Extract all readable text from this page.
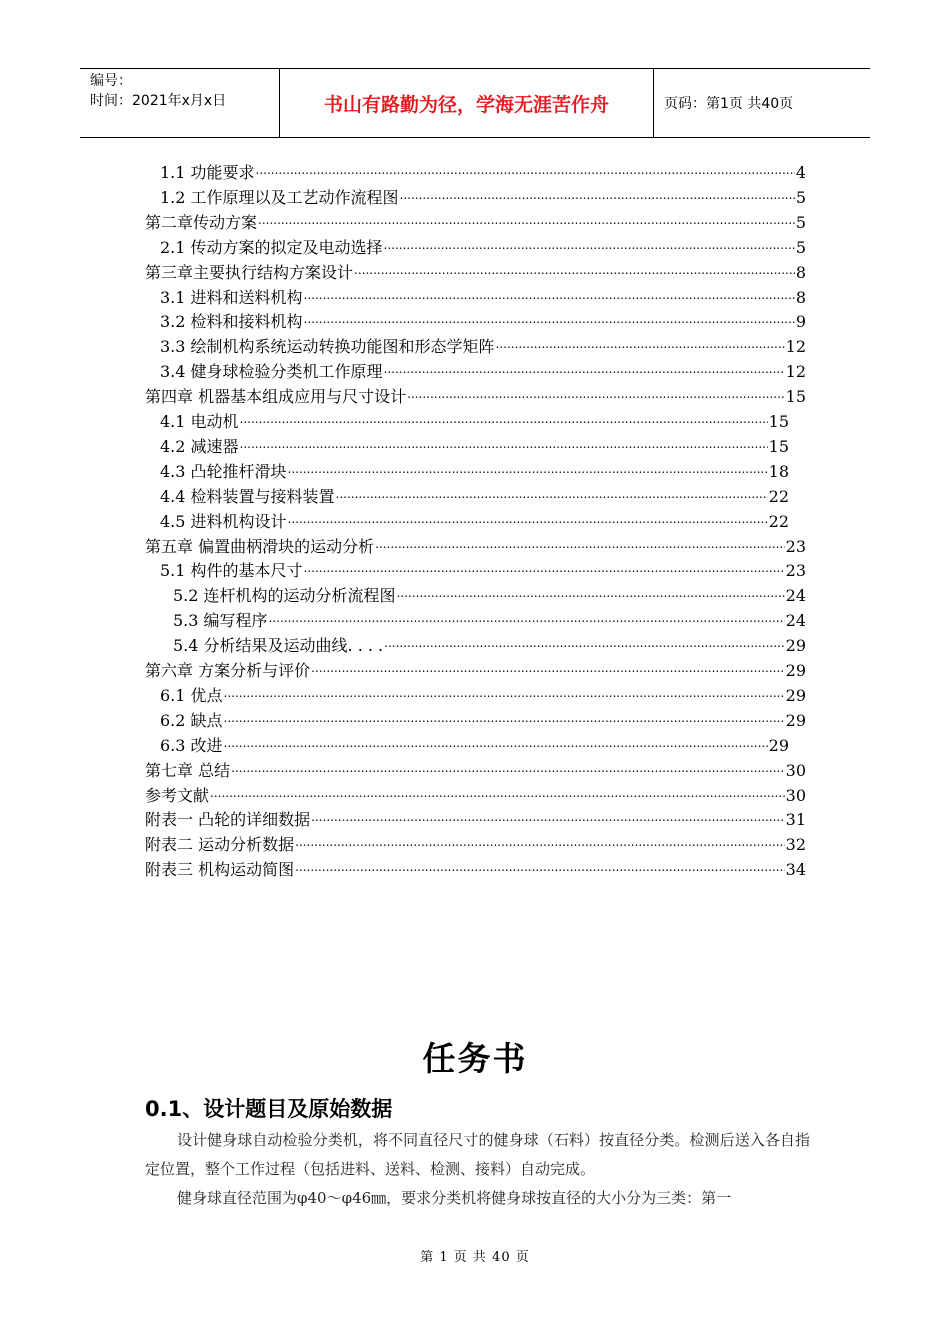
编号：
时间：2021年x月x日	书山有路勤为径，学海无涯苦作舟	页码：第1页 共40页
1.1 功能要求 .....	4
1.2 工作原理以及工艺动作流程图 .....	5
第二章传动方案 .....	5
2.1 传动方案的拟定及电动选择 .....	5
第三章主要执行结构方案设计 .....	8
3.1 进料和送料机构 .....	8
3.2 检料和接料机构 .....	9
3.3 绘制机构系统运动转换功能图和形态学矩阵 .....	12
3.4 健身球检验分类机工作原理 .....	12
第四章 机器基本组成应用与尺寸设计 .....	15
4.1 电动机 .....	15
4.2 减速器 .....	15
4.3 凸轮推杆滑块 .....	18
4.4 检料装置与接料装置 .....	22
4.5 进料机构设计 .....	22
第五章 偏置曲柄滑块的运动分析 .....	23
5.1 构件的基本尺寸 .....	23
5.2 连杆机构的运动分析流程图 .....	24
5.3 编写程序 .....	24
5.4 分析结果及运动曲线. . . . .....	29
第六章 方案分析与评价 .....	29
6.1 优点 .....	29
6.2 缺点 .....	29
6.3 改进 .....	29
第七章 总结 .....	30
参考文献 .....	30
附表一 凸轮的详细数据 .....	31
附表二 运动分析数据 .....	32
附表三 机构运动简图 .....	34
任务书
0.1、设计题目及原始数据
设计健身球自动检验分类机，将不同直径尺寸的健身球（石料）按直径分类。检测后送入各自指定位置，整个工作过程（包括进料、送料、检测、接料）自动完成。
健身球直径范围为φ40～φ46㎜，要求分类机将健身球按直径的大小分为三类：第一
第 1 页 共 40 页
